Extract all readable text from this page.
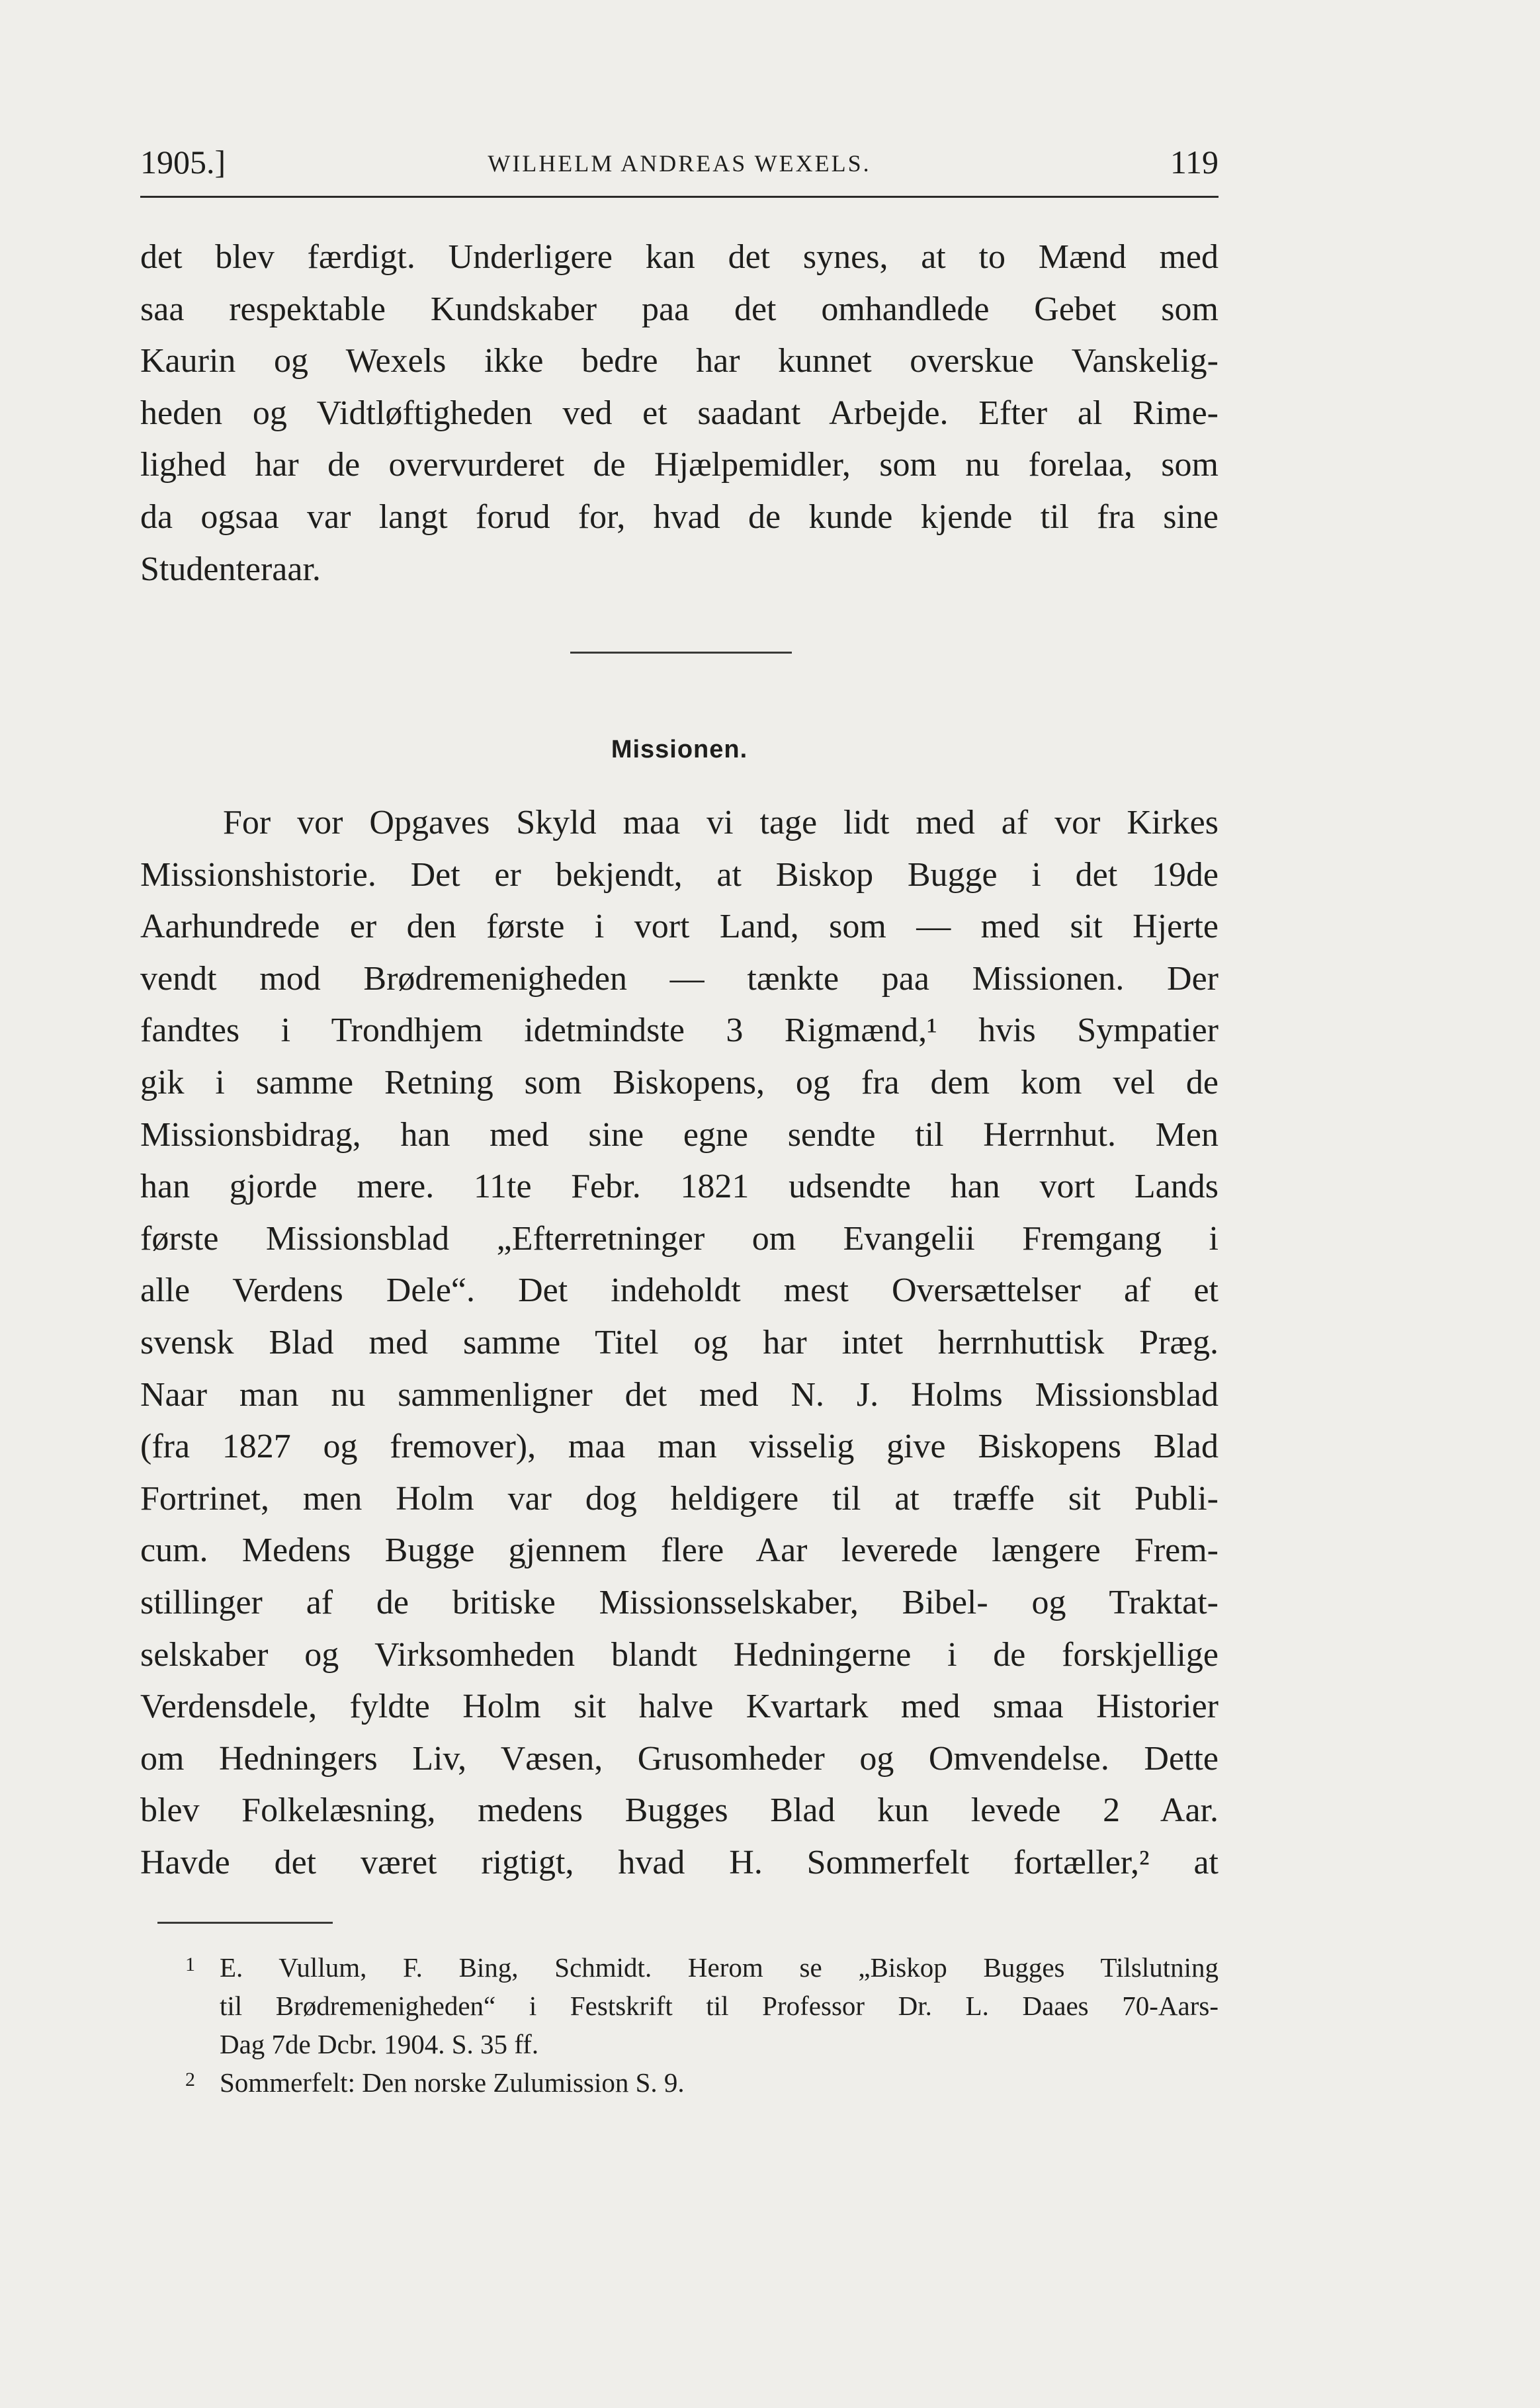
1905.]	WILHELM ANDREAS WEXELS.	119
det blev færdigt. Underligere kan det synes, at to Mænd med
saa respektable Kundskaber paa det omhandlede Gebet som
Kaurin og Wexels ikke bedre har kunnet overskue Vanskelig-
heden og Vidtløftigheden ved et saadant Arbejde. Efter al Rime-
lighed har de overvurderet de Hjælpemidler, som nu forelaa, som
da ogsaa var langt forud for, hvad de kunde kjende til fra sine
Studenteraar.
Missionen.
For vor Opgaves Skyld maa vi tage lidt med af vor Kirkes
Missionshistorie. Det er bekjendt, at Biskop Bugge i det 19de
Aarhundrede er den første i vort Land, som — med sit Hjerte
vendt mod Brødremenigheden — tænkte paa Missionen. Der
fandtes i Trondhjem idetmindste 3 Rigmænd,¹ hvis Sympatier
gik i samme Retning som Biskopens, og fra dem kom vel de
Missionsbidrag, han med sine egne sendte til Herrnhut. Men
han gjorde mere. 11te Febr. 1821 udsendte han vort Lands
første Missionsblad „Efterretninger om Evangelii Fremgang i
alle Verdens Dele“. Det indeholdt mest Oversættelser af et
svensk Blad med samme Titel og har intet herrnhuttisk Præg.
Naar man nu sammenligner det med N. J. Holms Missionsblad
(fra 1827 og fremover), maa man visselig give Biskopens Blad
Fortrinet, men Holm var dog heldigere til at træffe sit Publi-
cum. Medens Bugge gjennem flere Aar leverede længere Frem-
stillinger af de britiske Missionsselskaber, Bibel- og Traktat-
selskaber og Virksomheden blandt Hedningerne i de forskjellige
Verdensdele, fyldte Holm sit halve Kvartark med smaa Historier
om Hedningers Liv, Væsen, Grusomheder og Omvendelse. Dette
blev Folkelæsning, medens Bugges Blad kun levede 2 Aar.
Havde det været rigtigt, hvad H. Sommerfelt fortæller,² at
1 E. Vullum, F. Bing, Schmidt. Herom se „Biskop Bugges Tilslutning
til Brødremenigheden“ i Festskrift til Professor Dr. L. Daaes 70-Aars-
Dag 7de Dcbr. 1904. S. 35 ff.
2 Sommerfelt: Den norske Zulumission S. 9.
